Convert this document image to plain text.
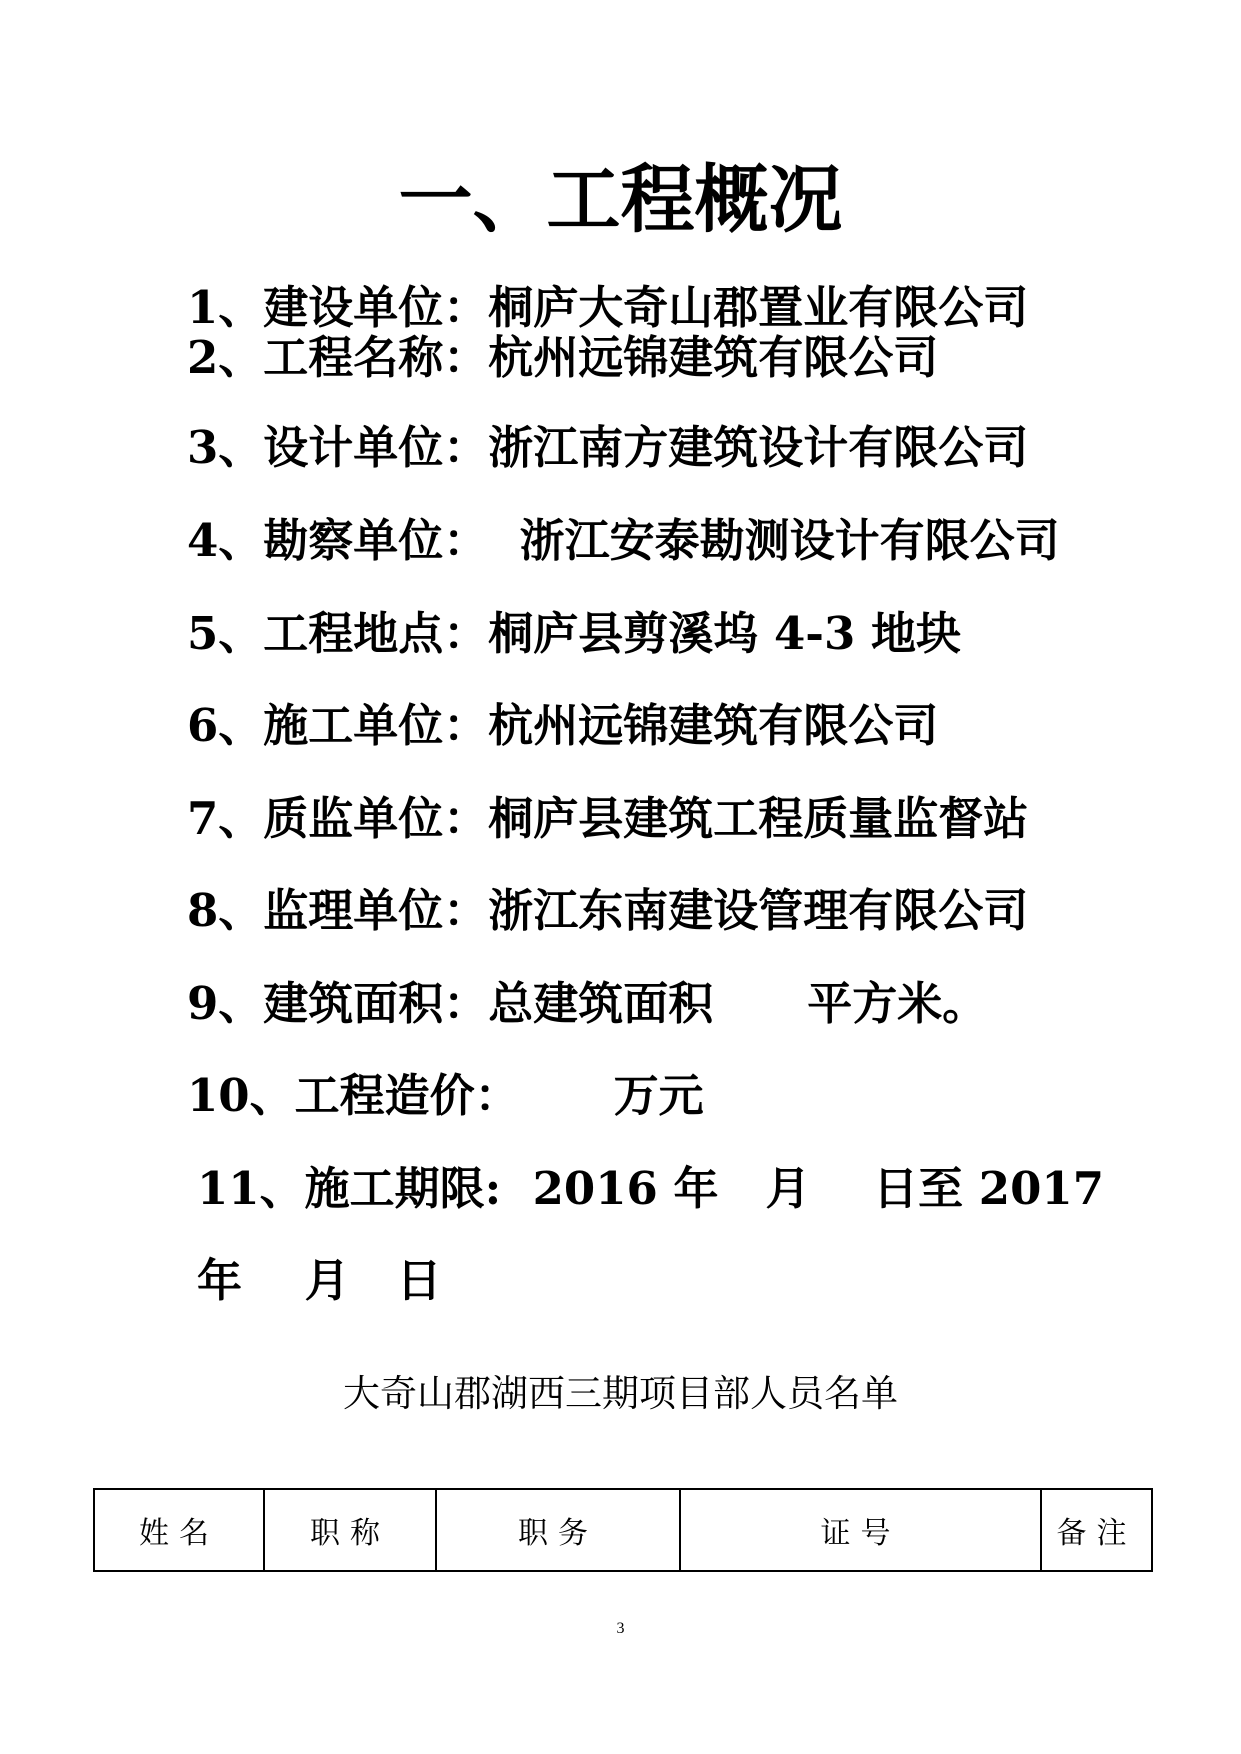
一、工程概况
1、建设单位：桐庐大奇山郡置业有限公司
2、工程名称：杭州远锦建筑有限公司
3、设计单位：浙江南方建筑设计有限公司
4、勘察单位：  浙江安泰勘测设计有限公司
5、工程地点：桐庐县剪溪坞 4-3 地块
6、施工单位：杭州远锦建筑有限公司
7、质监单位：桐庐县建筑工程质量监督站
8、监理单位：浙江东南建设管理有限公司
9、建筑面积：总建筑面积      平方米。
10、工程造价：      万元
11、施工期限:  2016 年   月    日至 2017
年    月   日
大奇山郡湖西三期项目部人员名单
姓名	职称	职务	证号	备注
3
